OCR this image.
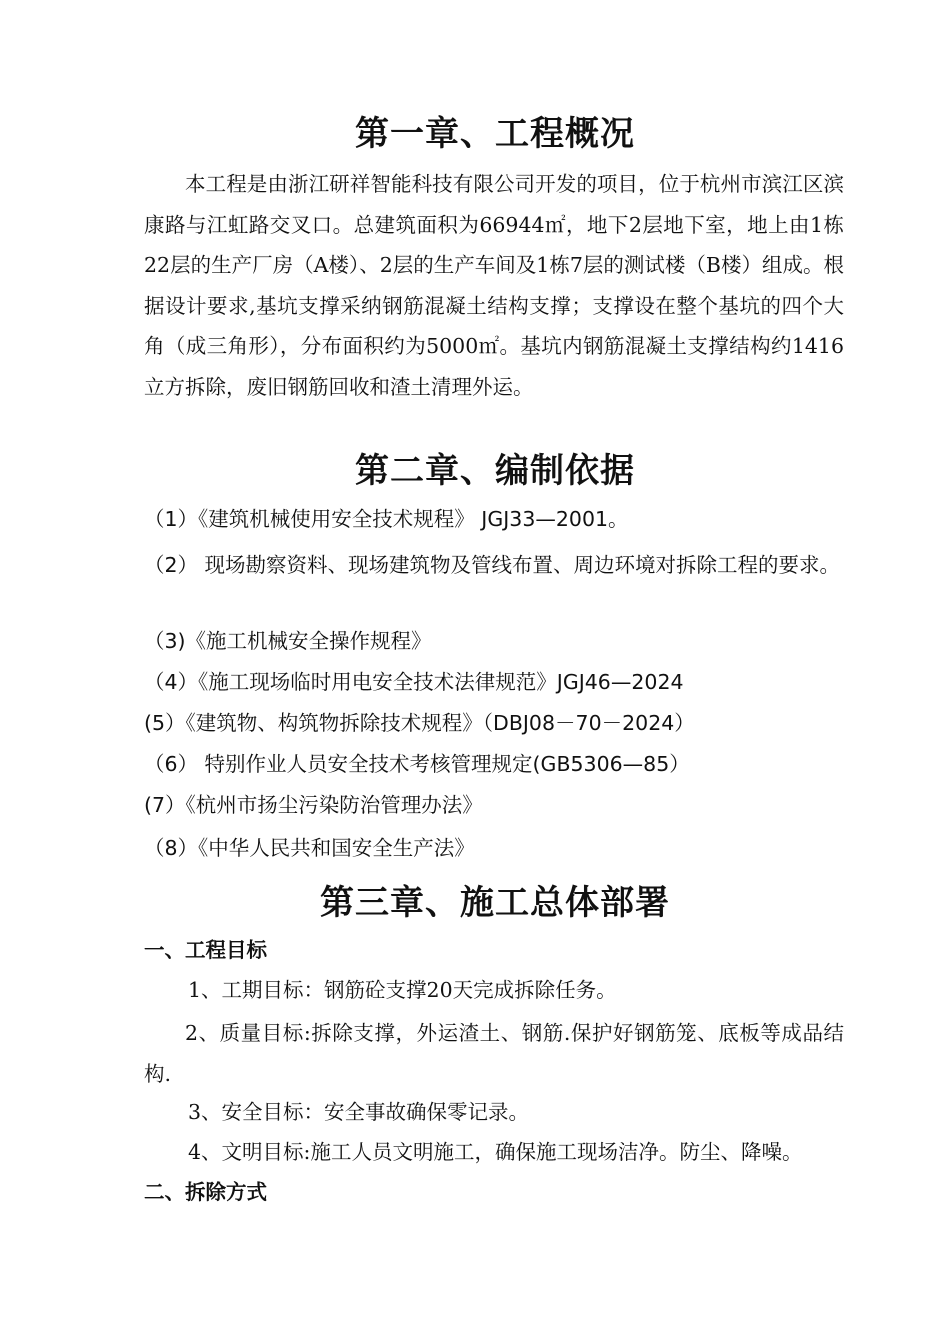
第一章、工程概况

本工程是由浙江研祥智能科技有限公司开发的项目，位于杭州市滨江区滨康路与江虹路交叉口。总建筑面积为66944㎡，地下2层地下室，地上由1栋22层的生产厂房（A楼）、2层的生产车间及1栋7层的测试楼（B楼）组成。根据设计要求,基坑支撑采纳钢筋混凝土结构支撑；支撑设在整个基坑的四个大角（成三角形），分布面积约为5000㎡。基坑内钢筋混凝土支撑结构约1416立方拆除，废旧钢筋回收和渣土清理外运。

第二章、编制依据

（1）《建筑机械使用安全技术规程》 JGJ33—2001。

（2） 现场勘察资料、现场建筑物及管线布置、周边环境对拆除工程的要求。

（3)《施工机械安全操作规程》

（4）《施工现场临时用电安全技术法律规范》JGJ46—2024

(5）《建筑物、构筑物拆除技术规程》（DBJ08－70－2024）

（6） 特别作业人员安全技术考核管理规定(GB5306—85）

(7）《杭州市扬尘污染防治管理办法》

（8）《中华人民共和国安全生产法》

第三章、施工总体部署

一、工程目标

1、工期目标：钢筋砼支撑20天完成拆除任务。

2、质量目标:拆除支撑，外运渣土、钢筋.保护好钢筋笼、底板等成品结构.

3、安全目标：安全事故确保零记录。

4、文明目标:施工人员文明施工，确保施工现场洁净。防尘、降噪。

二、拆除方式
